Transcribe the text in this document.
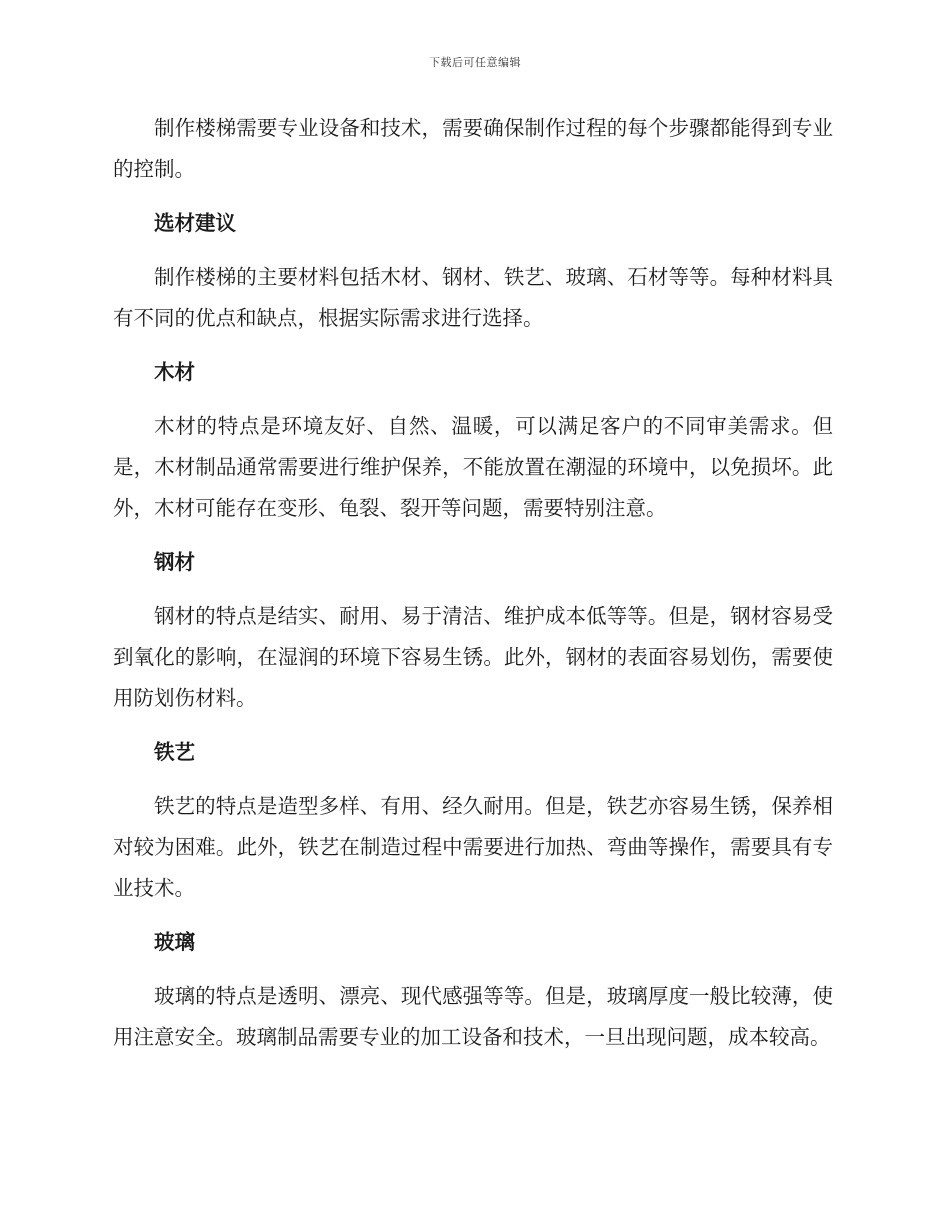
下载后可任意编辑

制作楼梯需要专业设备和技术，需要确保制作过程的每个步骤都能得到专业的控制。

选材建议

制作楼梯的主要材料包括木材、钢材、铁艺、玻璃、石材等等。每种材料具有不同的优点和缺点，根据实际需求进行选择。

木材

木材的特点是环境友好、自然、温暖，可以满足客户的不同审美需求。但是，木材制品通常需要进行维护保养，不能放置在潮湿的环境中，以免损坏。此外，木材可能存在变形、龟裂、裂开等问题，需要特别注意。

钢材

钢材的特点是结实、耐用、易于清洁、维护成本低等等。但是，钢材容易受到氧化的影响，在湿润的环境下容易生锈。此外，钢材的表面容易划伤，需要使用防划伤材料。

铁艺

铁艺的特点是造型多样、有用、经久耐用。但是，铁艺亦容易生锈，保养相对较为困难。此外，铁艺在制造过程中需要进行加热、弯曲等操作，需要具有专业技术。

玻璃

玻璃的特点是透明、漂亮、现代感强等等。但是，玻璃厚度一般比较薄，使用注意安全。玻璃制品需要专业的加工设备和技术，一旦出现问题，成本较高。
